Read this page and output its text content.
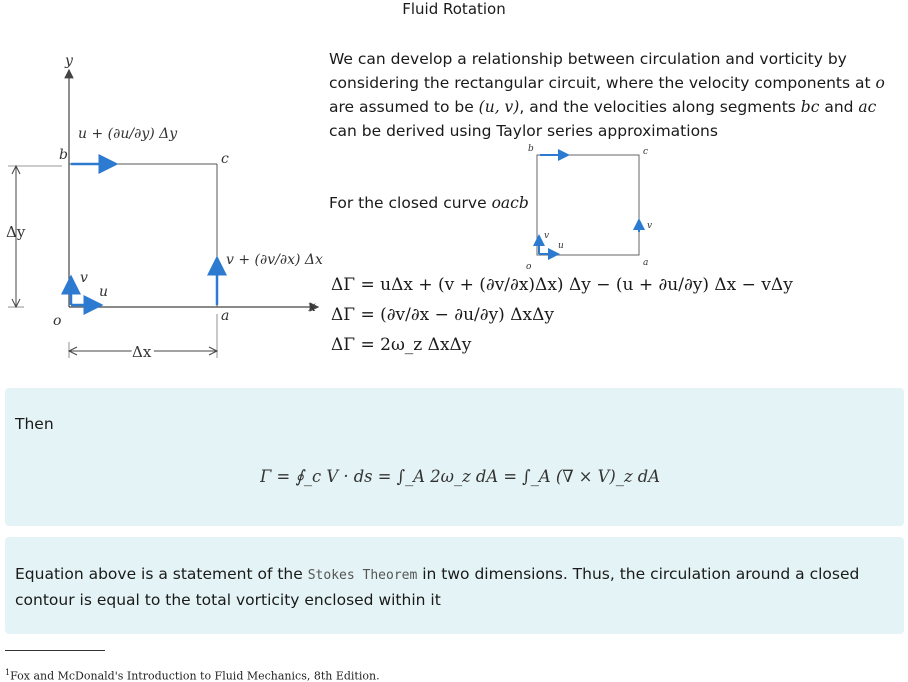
Fluid Rotation
y
x
b	c
o	a
u
v
Δy
Δx
u + (∂u/∂y) Δy
v + (∂v/∂x) Δx
We can develop a relationship between circulation and vorticity by considering the rectangular circuit, where the velocity components at o are assumed to be (u, v), and the velocities along segments bc and ac can be derived using Taylor series approximations
For the closed curve oacb
b	c
o	a
u
v
v
ΔΓ = uΔx + (v + (∂v/∂x)Δx) Δy − (u + ∂u/∂y) Δx − vΔy
ΔΓ = (∂v/∂x − ∂u/∂y) ΔxΔy
ΔΓ = 2ω_z ΔxΔy
Then
Γ = ∮_c V · ds = ∫_A 2ω_z dA = ∫_A (∇ × V)_z dA
Equation above is a statement of the Stokes Theorem in two dimensions. Thus, the circulation around a closed contour is equal to the total vorticity enclosed within it
$^1$Fox and McDonald's Introduction to Fluid Mechanics, 8th Edition.
